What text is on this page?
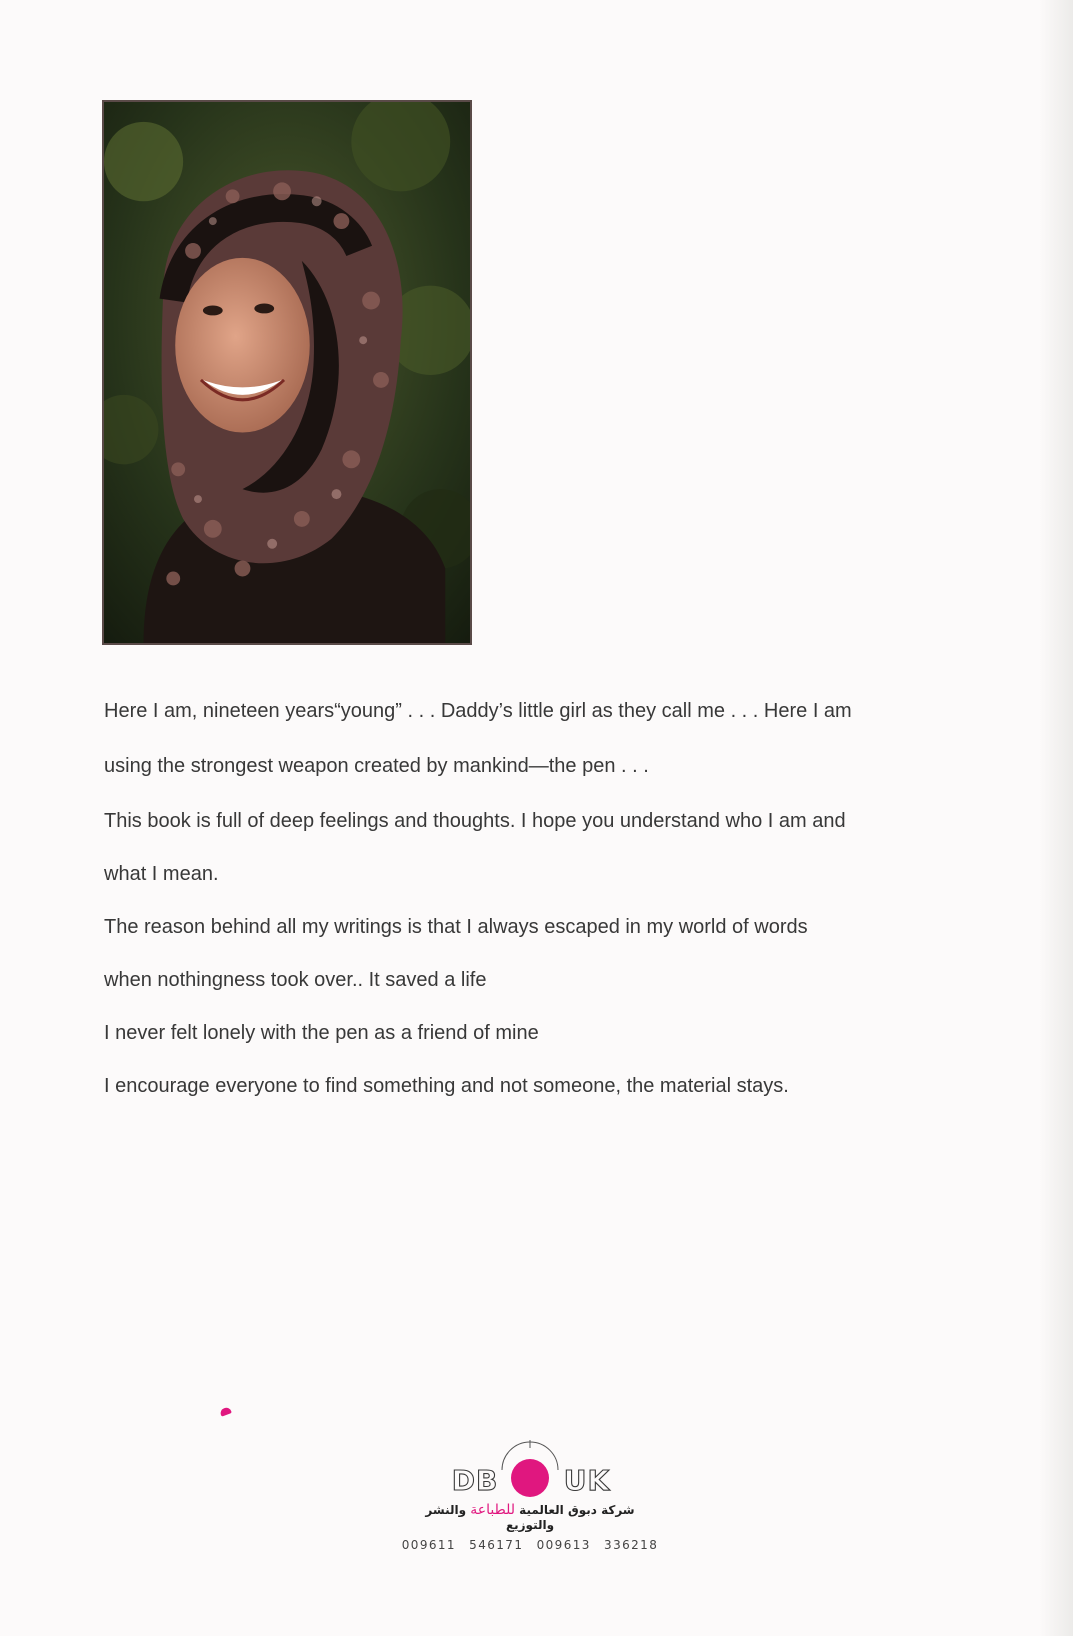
Here I am, nineteen years“young” . . . Daddy’s little girl as they call me . . . Here I am

using the strongest weapon created by mankind—the pen . . .

This book is full of deep feelings and thoughts. I hope you understand who I am and

what I mean.

The reason behind all my writings is that I always escaped in my world of words

when nothingness took over.. It saved a life

I never felt lonely with the pen as a friend of mine

I encourage everyone to find something and not someone, the material stays.

DB UK
شركة دبوق العالمية للطباعة والنشر والتوزيع
009611 546171 009613 336218
